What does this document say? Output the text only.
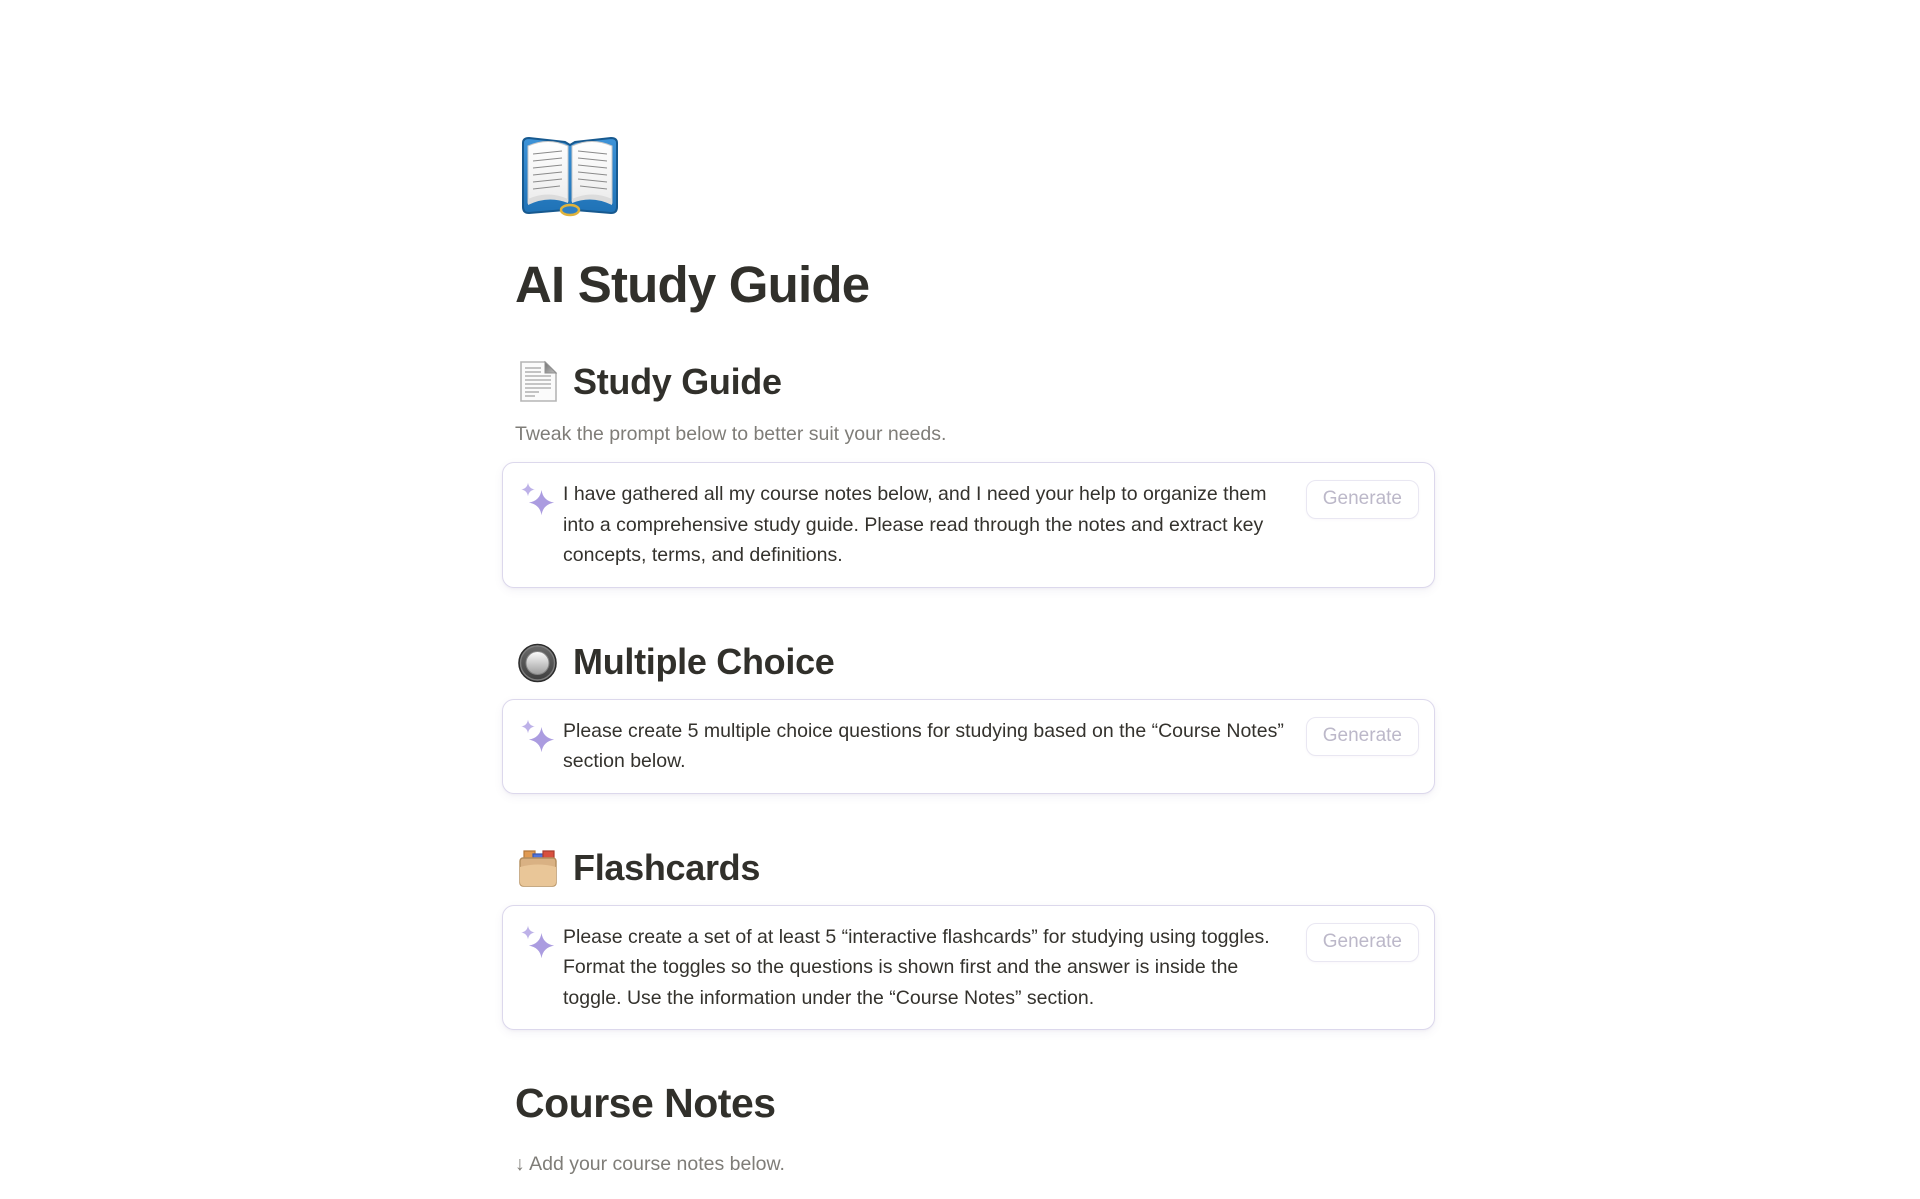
AI Study Guide
Study Guide

Tweak the prompt below to better suit your needs.

I have gathered all my course notes below, and I need your help to organize them into a comprehensive study guide. Please read through the notes and extract key concepts, terms, and definitions.
Generate
Multiple Choice
Please create 5 multiple choice questions for studying based on the “Course Notes” section below.
Generate
Flashcards
Please create a set of at least 5 “interactive flashcards” for studying using toggles. Format the toggles so the questions is shown first and the answer is inside the toggle. Use the information under the “Course Notes” section.
Generate
Course Notes

↓ Add your course notes below.
